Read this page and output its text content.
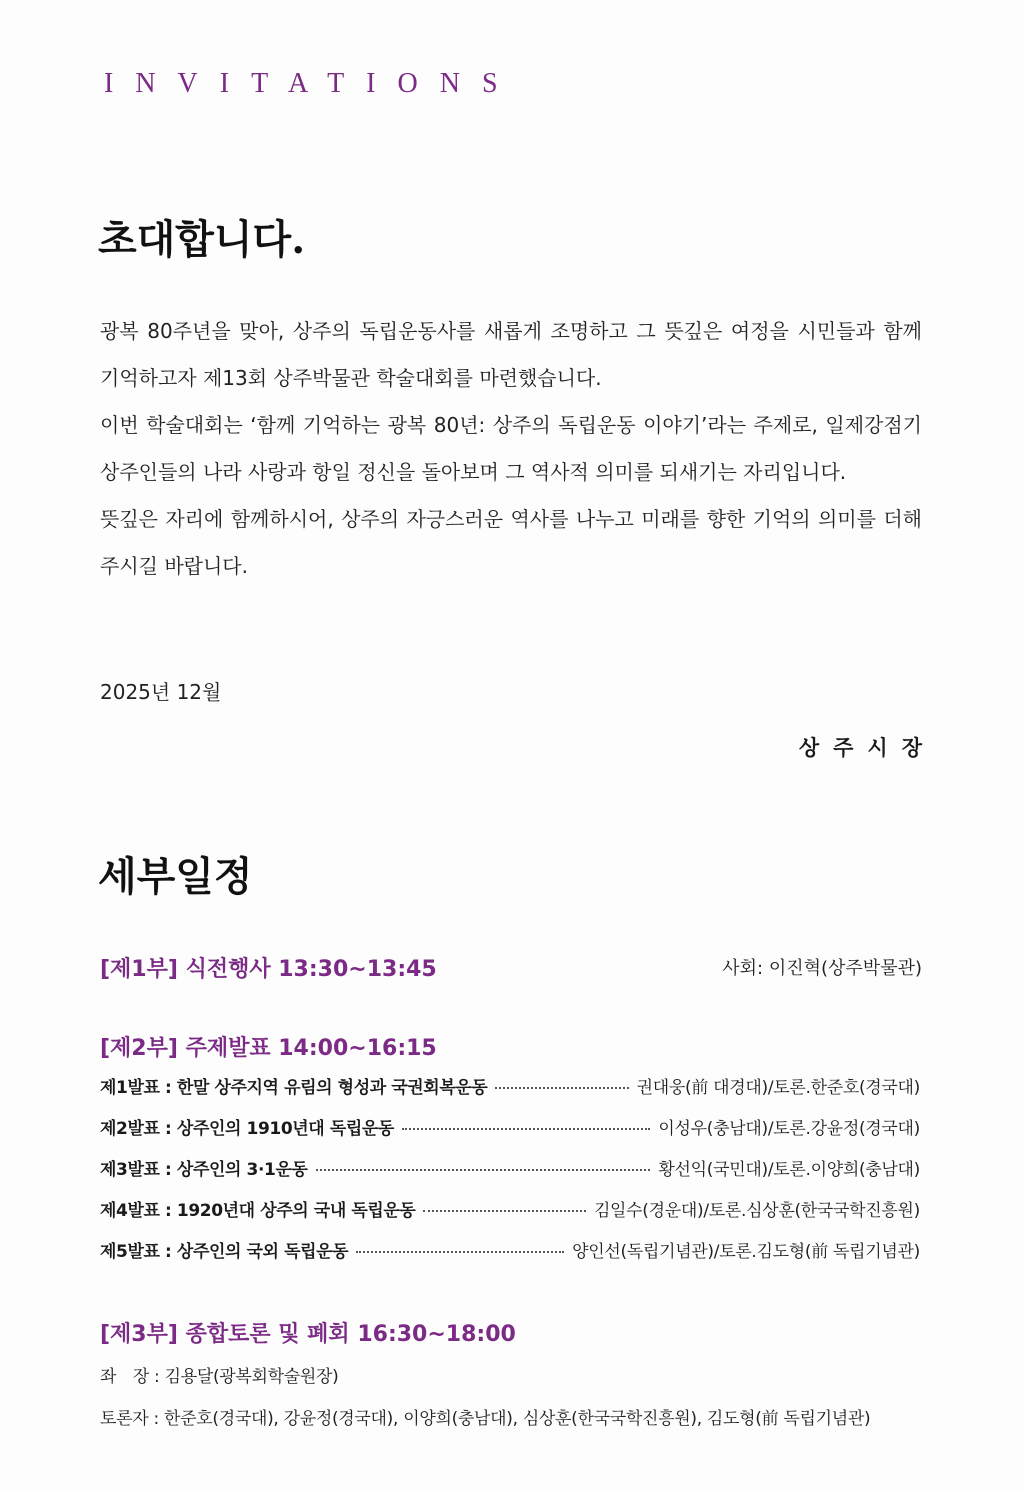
INVITATIONS
초대합니다.

광복 80주년을 맞아, 상주의 독립운동사를 새롭게 조명하고 그 뜻깊은 여정을 시민들과 함께 기억하고자 제13회 상주박물관 학술대회를 마련했습니다.

이번 학술대회는 ‘함께 기억하는 광복 80년: 상주의 독립운동 이야기’라는 주제로, 일제강점기 상주인들의 나라 사랑과 항일 정신을 돌아보며 그 역사적 의미를 되새기는 자리입니다.

뜻깊은 자리에 함께하시어, 상주의 자긍스러운 역사를 나누고 미래를 향한 기억의 의미를 더해주시길 바랍니다.

2025년 12월
상주시장
세부일정
[제1부] 식전행사 13:30~13:45	사회: 이진혁(상주박물관)
[제2부] 주제발표 14:00~16:15
제1발표 : 한말 상주지역 유림의 형성과 국권회복운동	권대웅(前 대경대)/토론.한준호(경국대)
제2발표 : 상주인의 1910년대 독립운동	이성우(충남대)/토론.강윤정(경국대)
제3발표 : 상주인의 3·1운동	황선익(국민대)/토론.이양희(충남대)
제4발표 : 1920년대 상주의 국내 독립운동	김일수(경운대)/토론.심상훈(한국국학진흥원)
제5발표 : 상주인의 국외 독립운동	양인선(독립기념관)/토론.김도형(前 독립기념관)
[제3부] 종합토론 및 폐회 16:30~18:00
좌　장 : 김용달(광복회학술원장)
토론자 : 한준호(경국대), 강윤정(경국대), 이양희(충남대), 심상훈(한국국학진흥원), 김도형(前 독립기념관)
